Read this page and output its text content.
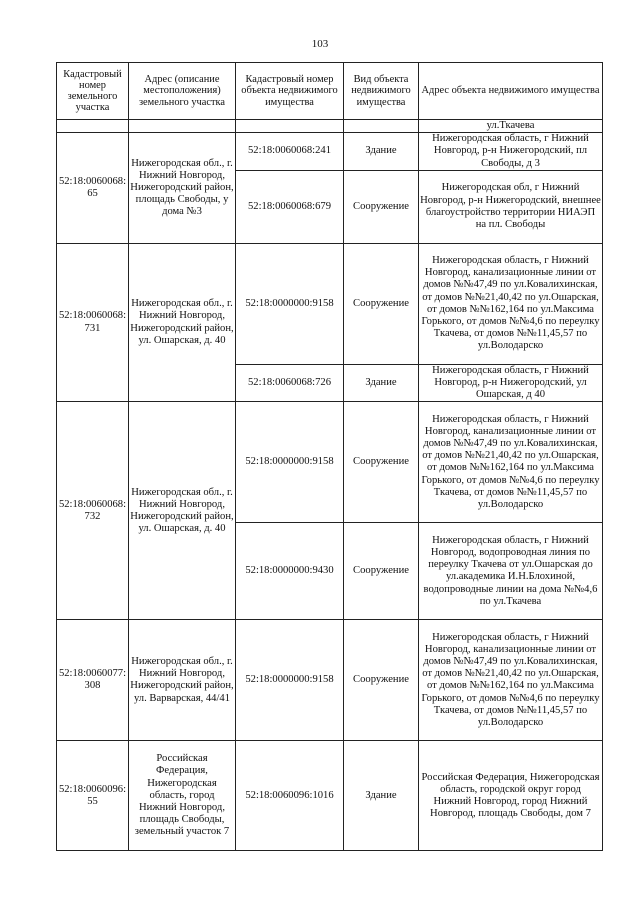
103
Кадастровый номер земельного участка	Адрес (описание местоположения) земельного участка	Кадастровый номер объекта недвижимого имущества	Вид объекта недвижимого имущества	Адрес объекта недвижимого имущества
				ул.Ткачева
52:18:0060068:65	Нижегородская обл., г. Нижний Новгород, Нижегородский район, площадь Свободы, у дома №3	52:18:0060068:241	Здание	Нижегородская область, г Нижний Новгород, р-н Нижегородский, пл Свободы, д 3
		52:18:0060068:679	Сооружение	Нижегородская обл, г Нижний Новгород, р-н Нижегородский, внешнее благоустройство территории НИАЭП на пл. Свободы
52:18:0060068:731	Нижегородская обл., г. Нижний Новгород, Нижегородский район, ул. Ошарская, д. 40	52:18:0000000:9158	Сооружение	Нижегородская область, г Нижний Новгород, канализационные линии от домов №№47,49 по ул.Ковалихинская, от домов №№21,40,42 по ул.Ошарская, от домов №№162,164 по ул.Максима Горького, от домов №№4,6 по переулку Ткачева, от домов №№11,45,57 по ул.Володарско
		52:18:0060068:726	Здание	Нижегородская область, г Нижний Новгород, р-н Нижегородский, ул Ошарская, д 40
52:18:0060068:732	Нижегородская обл., г. Нижний Новгород, Нижегородский район, ул. Ошарская, д. 40	52:18:0000000:9158	Сооружение	Нижегородская область, г Нижний Новгород, канализационные линии от домов №№47,49 по ул.Ковалихинская, от домов №№21,40,42 по ул.Ошарская, от домов №№162,164 по ул.Максима Горького, от домов №№4,6 по переулку Ткачева, от домов №№11,45,57 по ул.Володарско
		52:18:0000000:9430	Сооружение	Нижегородская область, г Нижний Новгород, водопроводная линия по переулку Ткачева от ул.Ошарская до ул.академика И.Н.Блохиной, водопроводные линии на дома №№4,6 по ул.Ткачева
52:18:0060077:308	Нижегородская обл., г. Нижний Новгород, Нижегородский район, ул. Варварская, 44/41	52:18:0000000:9158	Сооружение	Нижегородская область, г Нижний Новгород, канализационные линии от домов №№47,49 по ул.Ковалихинская, от домов №№21,40,42 по ул.Ошарская, от домов №№162,164 по ул.Максима Горького, от домов №№4,6 по переулку Ткачева, от домов №№11,45,57 по ул.Володарско
52:18:0060096:55	Российская Федерация, Нижегородская область, город Нижний Новгород, площадь Свободы, земельный участок 7	52:18:0060096:1016	Здание	Российская Федерация, Нижегородская область, городской округ город Нижний Новгород, город Нижний Новгород, площадь Свободы, дом 7
